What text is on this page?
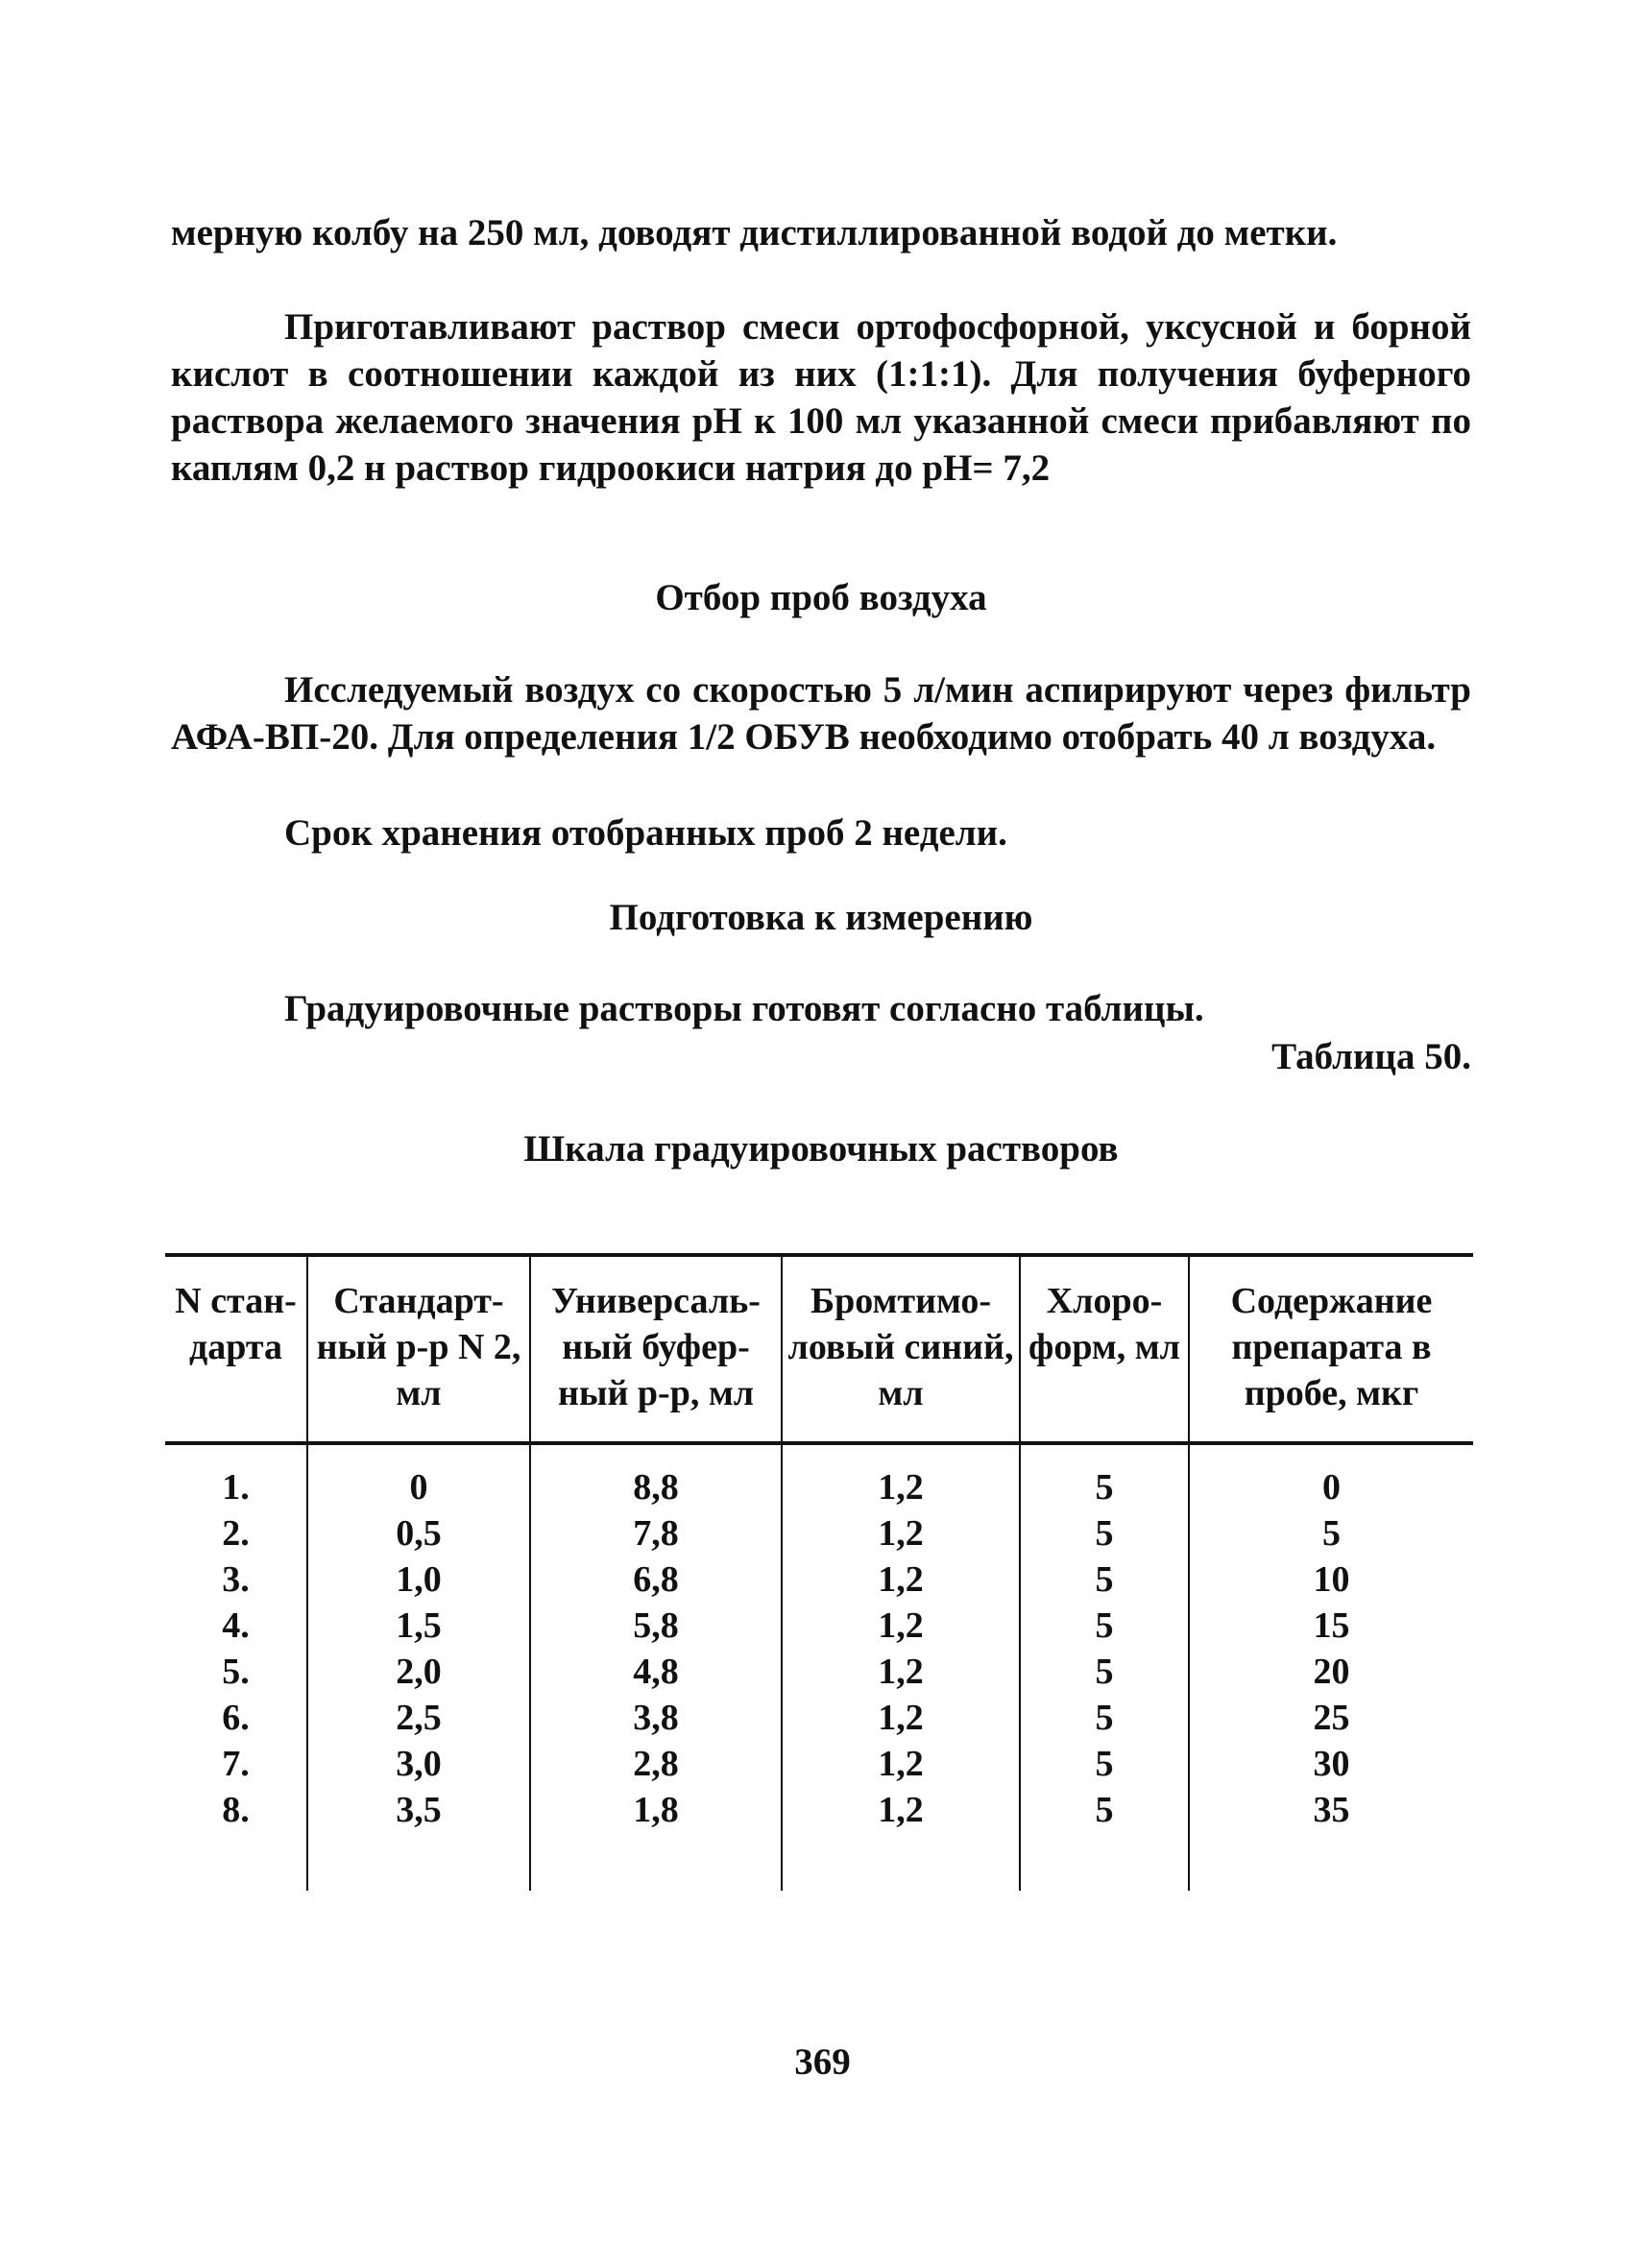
мерную колбу на 250 мл, доводят дистиллированной водой до метки.

Приготавливают раствор смеси ортофосфорной, уксусной и борной кислот в соотношении каждой из них (1:1:1). Для получения буферного раствора желаемого значения pH к 100 мл указанной смеси прибавляют по каплям 0,2 н раствор гидроокиси натрия до pH= 7,2

Отбор проб воздуха

Исследуемый воздух со скоростью 5 л/мин аспирируют через фильтр АФА-ВП-20. Для определения 1/2 ОБУВ необходимо отобрать 40 л воздуха.

Срок хранения отобранных проб 2 недели.

Подготовка к измерению

Градуировочные растворы готовят согласно таблицы.

Таблица 50.

Шкала градуировочных растворов
N стандарта	Стандартный р-р N 2, мл	Универсальный буферный р-р, мл	Бромтимоловый синий, мл	Хлороформ, мл	Содержание препарата в пробе, мкг
1.	0	8,8	1,2	5	0
2.	0,5	7,8	1,2	5	5
3.	1,0	6,8	1,2	5	10
4.	1,5	5,8	1,2	5	15
5.	2,0	4,8	1,2	5	20
6.	2,5	3,8	1,2	5	25
7.	3,0	2,8	1,2	5	30
8.	3,5	1,8	1,2	5	35

369
